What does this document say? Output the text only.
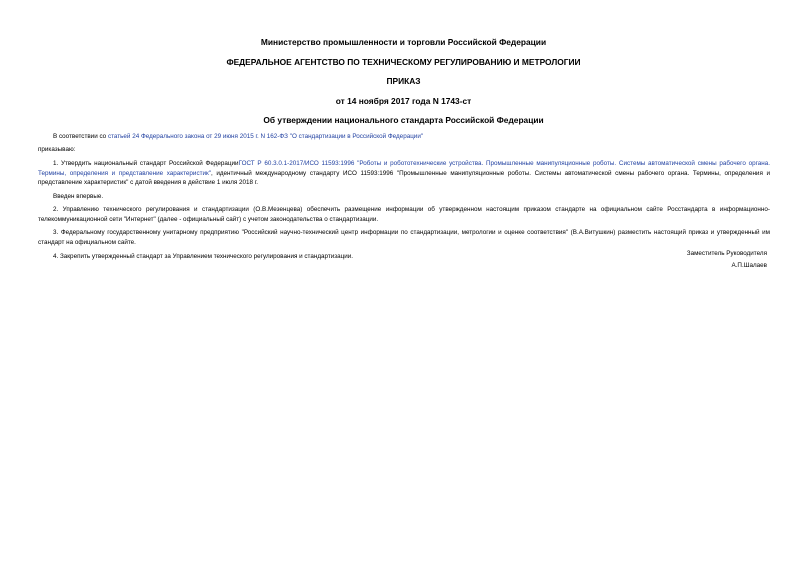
Министерство промышленности и торговли Российской Федерации
ФЕДЕРАЛЬНОЕ АГЕНТСТВО ПО ТЕХНИЧЕСКОМУ РЕГУЛИРОВАНИЮ И МЕТРОЛОГИИ
ПРИКАЗ
от 14 ноября 2017 года N 1743-ст
Об утверждении национального стандарта Российской Федерации

В соответствии со статьей 24 Федерального закона от 29 июня 2015 г. N 162-ФЗ "О стандартизации в Российской Федерации"

приказываю:

1. Утвердить национальный стандарт Российской ФедерацииГОСТ Р 60.3.0.1-2017/ИСО 11593:1996 "Роботы и робототехнические устройства. Промышленные манипуляционные роботы. Системы автоматической смены рабочего органа. Термины, определения и представление характеристик", идентичный международному стандарту ИСО 11593:1996 "Промышленные манипуляционные роботы. Системы автоматической смены рабочего органа. Термины, определения и представление характеристик" с датой введения в действие 1 июля 2018 г.

Введен впервые.

2. Управлению технического регулирования и стандартизации (О.В.Мезенцева) обеспечить размещение информации об утвержденном настоящим приказом стандарте на официальном сайте Росстандарта в информационно-телекоммуникационной сети "Интернет" (далее - официальный сайт) с учетом законодательства о стандартизации.

3. Федеральному государственному унитарному предприятию "Российский научно-технический центр информации по стандартизации, метрологии и оценке соответствия" (В.А.Витушкин) разместить настоящий приказ и утвержденный им стандарт на официальном сайте.

4. Закрепить утвержденный стандарт за Управлением технического регулирования и стандартизации.	Заместитель Руководителя
А.П.Шалаев
